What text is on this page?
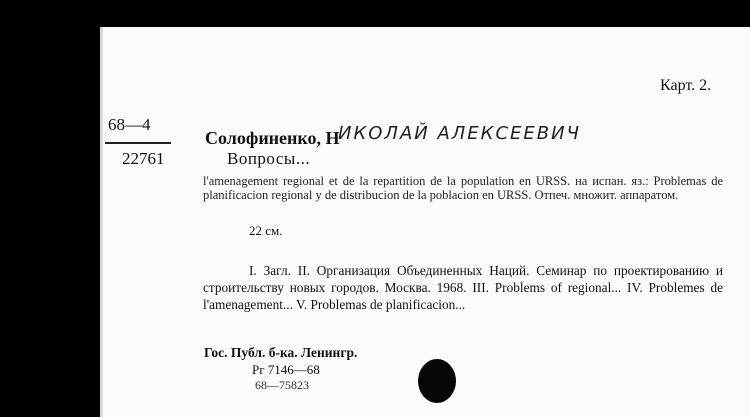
Карт. 2.
68—4
22761
Солофиненко, Н
ИКОЛАЙ АЛЕКСЕЕВИЧ
Вопросы...
l'amenagement regional et de la repartition de la population en URSS. на испан. яз.: Problemas de planificacion regional y de distribucion de la poblacion en URSS. Отпеч. множит. аппаратом.
22 см.
I. Загл. II. Организация Объединенных Наций. Семинар по проектированию и строительству новых городов. Москва. 1968. III. Problems of regional... IV. Problemes de l'amenagement... V. Problemas de planificacion...
Гос. Публ. б-ка. Ленингр.
Рг 7146—68
68—75823
